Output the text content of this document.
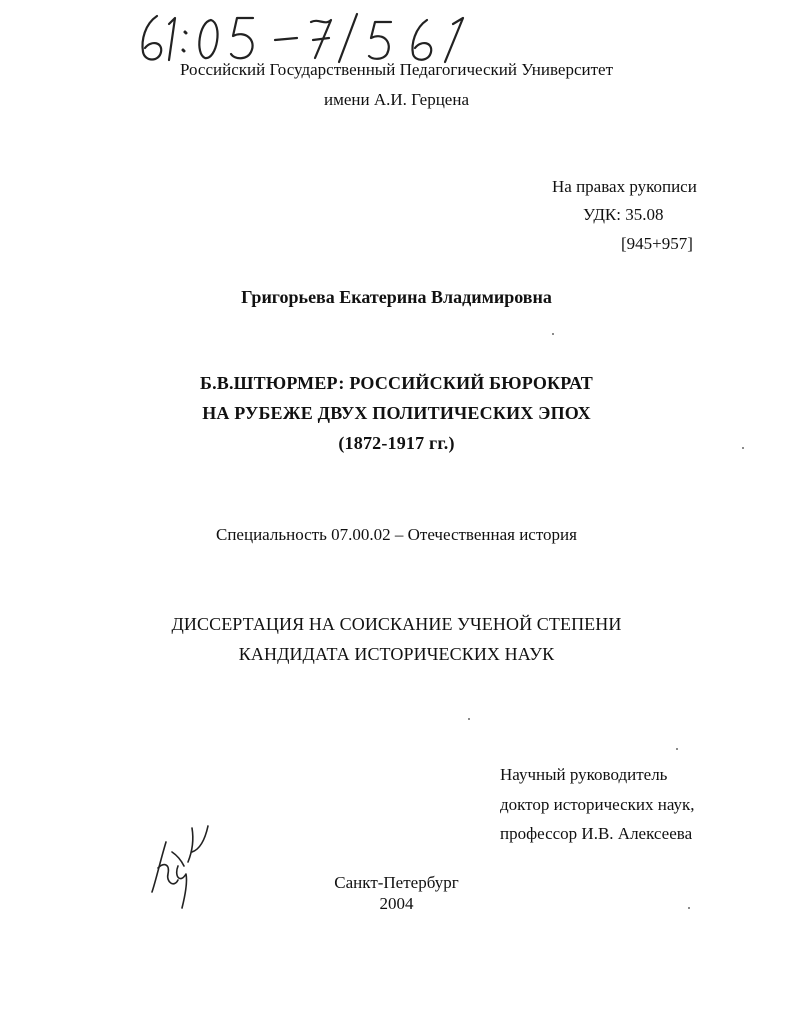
Российский Государственный Педагогический Университет
имени А.И. Герцена
На правах рукописи
УДК: 35.08
[945+957]
Григорьева Екатерина Владимировна
Б.В.ШТЮРМЕР: РОССИЙСКИЙ БЮРОКРАТ
НА РУБЕЖЕ ДВУХ ПОЛИТИЧЕСКИХ ЭПОХ
(1872-1917 гг.)
Специальность 07.00.02 – Отечественная история
ДИССЕРТАЦИЯ НА СОИСКАНИЕ УЧЕНОЙ СТЕПЕНИ
КАНДИДАТА ИСТОРИЧЕСКИХ НАУК
Научный руководитель
доктор исторических наук,
профессор И.В. Алексеева
Санкт-Петербург
2004
